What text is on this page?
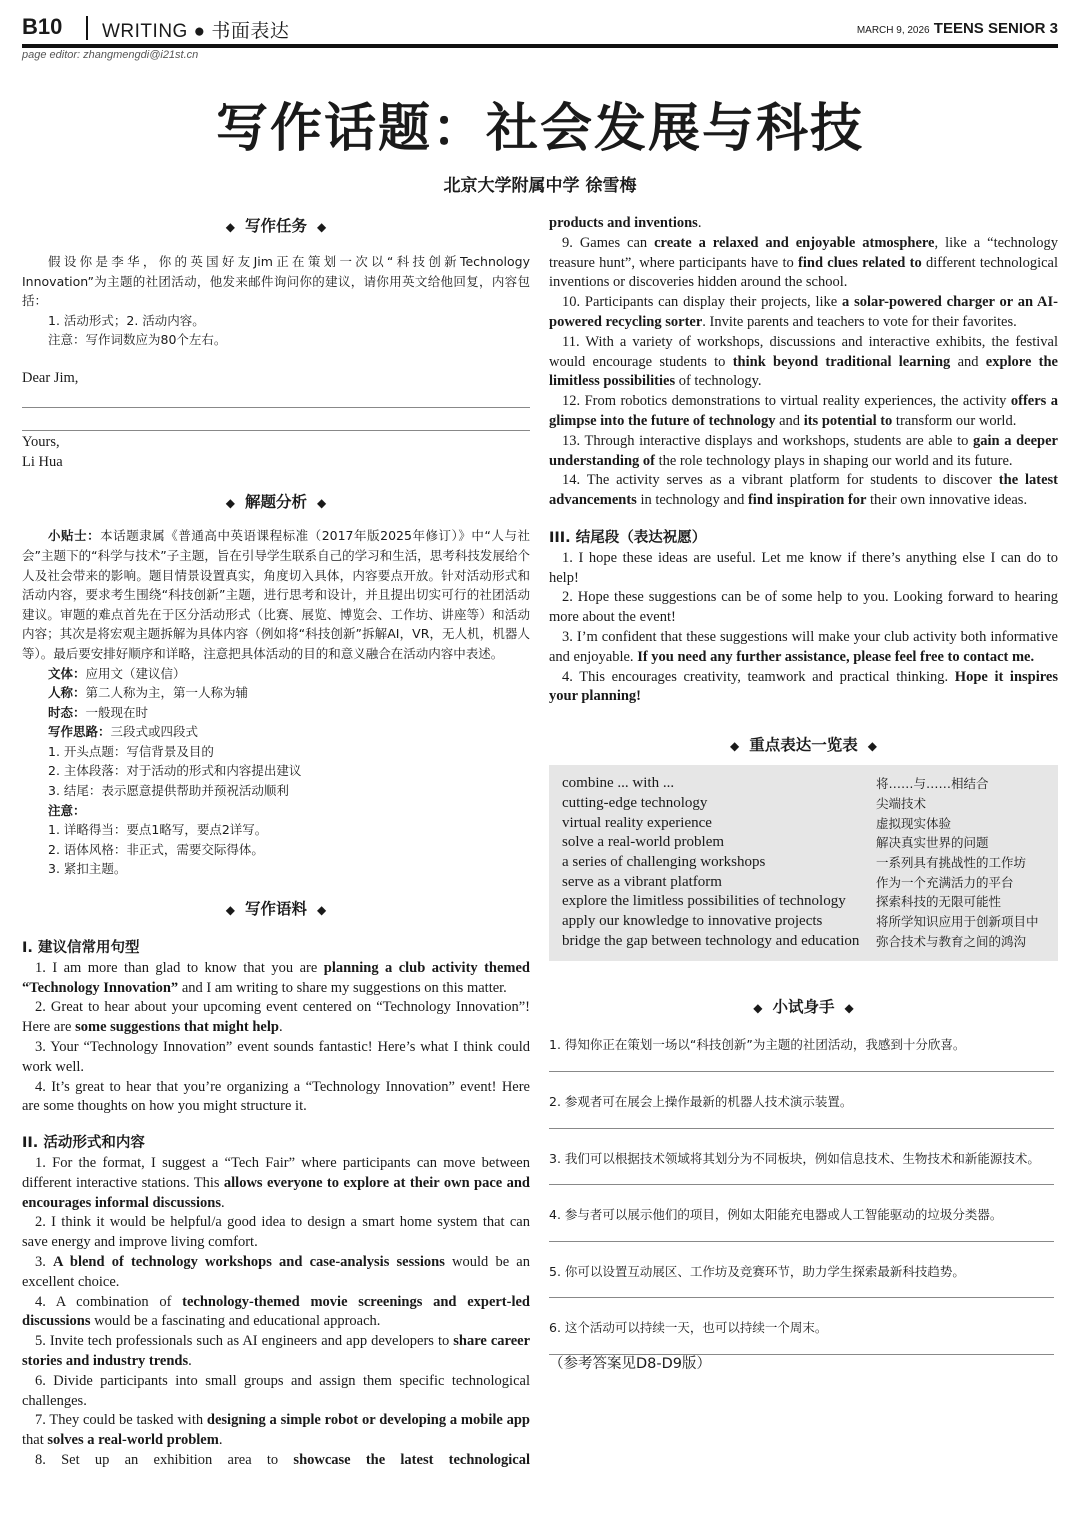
B10 WRITING ● 书面表达	MARCH 9, 2026 TEENS SENIOR 3
page editor: zhangmengdi@i21st.cn
写作话题：社会发展与科技
北京大学附属中学 徐雪梅
◆ 写作任务 ◆

假设你是李华，你的英国好友Jim正在策划一次以“科技创新Technology Innovation”为主题的社团活动，他发来邮件询问你的建议，请你用英文给他回复，内容包括：

1. 活动形式；2. 活动内容。

注意：写作词数应为80个左右。

Dear Jim,

Yours,

Li Hua

◆ 解题分析 ◆

小贴士：本话题隶属《普通高中英语课程标准（2017年版2025年修订）》中“人与社会”主题下的“科学与技术”子主题，旨在引导学生联系自己的学习和生活，思考科技发展给个人及社会带来的影响。题目情景设置真实，角度切入具体，内容要点开放。针对活动形式和活动内容，要求考生围绕“科技创新”主题，进行思考和设计，并且提出切实可行的社团活动建议。审题的难点首先在于区分活动形式（比赛、展览、博览会、工作坊、讲座等）和活动内容；其次是将宏观主题拆解为具体内容（例如将“科技创新”拆解AI，VR，无人机，机器人等）。最后要安排好顺序和详略，注意把具体活动的目的和意义融合在活动内容中表述。

文体：应用文（建议信）

人称：第二人称为主，第一人称为辅

时态：一般现在时

写作思路：三段式或四段式

1. 开头点题：写信背景及目的

2. 主体段落：对于活动的形式和内容提出建议

3. 结尾：表示愿意提供帮助并预祝活动顺利

注意：

1. 详略得当：要点1略写，要点2详写。

2. 语体风格：非正式，需要交际得体。

3. 紧扣主题。

◆ 写作语料 ◆

I. 建议信常用句型

1. I am more than glad to know that you are planning a club activity themed “Technology Innovation” and I am writing to share my suggestions on this matter.

2. Great to hear about your upcoming event centered on “Technology Innovation”! Here are some suggestions that might help.

3. Your “Technology Innovation” event sounds fantastic! Here’s what I think could work well.

4. It’s great to hear that you’re organizing a “Technology Innovation” event! Here are some thoughts on how you might structure it.

II. 活动形式和内容

1. For the format, I suggest a “Tech Fair” where participants can move between different interactive stations. This allows everyone to explore at their own pace and encourages informal discussions.

2. I think it would be helpful/a good idea to design a smart home system that can save energy and improve living comfort.

3. A blend of technology workshops and case-analysis sessions would be an excellent choice.

4. A combination of technology-themed movie screenings and expert-led discussions would be a fascinating and educational approach.

5. Invite tech professionals such as AI engineers and app developers to share career stories and industry trends.

6. Divide participants into small groups and assign them specific technological challenges.

7. They could be tasked with designing a simple robot or developing a mobile app that solves a real-world problem.

8. Set up an exhibition area to showcase the latest technological

products and inventions.

9. Games can create a relaxed and enjoyable atmosphere, like a “technology treasure hunt”, where participants have to find clues related to different technological inventions or discoveries hidden around the school.

10. Participants can display their projects, like a solar-powered charger or an AI-powered recycling sorter. Invite parents and teachers to vote for their favorites.

11. With a variety of workshops, discussions and interactive exhibits, the festival would encourage students to think beyond traditional learning and explore the limitless possibilities of technology.

12. From robotics demonstrations to virtual reality experiences, the activity offers a glimpse into the future of technology and its potential to transform our world.

13. Through interactive displays and workshops, students are able to gain a deeper understanding of the role technology plays in shaping our world and its future.

14. The activity serves as a vibrant platform for students to discover the latest advancements in technology and find inspiration for their own innovative ideas.

III. 结尾段（表达祝愿）

1. I hope these ideas are useful. Let me know if there’s anything else I can do to help!

2. Hope these suggestions can be of some help to you. Looking forward to hearing more about the event!

3. I’m confident that these suggestions will make your club activity both informative and enjoyable. If you need any further assistance, please feel free to contact me.

4. This encourages creativity, teamwork and practical thinking. Hope it inspires your planning!

◆ 重点表达一览表 ◆
combine ... with ...	将……与……相结合
cutting-edge technology	尖端技术
virtual reality experience	虚拟现实体验
solve a real-world problem	解决真实世界的问题
a series of challenging workshops	一系列具有挑战性的工作坊
serve as a vibrant platform	作为一个充满活力的平台
explore the limitless possibilities of technology	探索科技的无限可能性
apply our knowledge to innovative projects	将所学知识应用于创新项目中
bridge the gap between technology and education	弥合技术与教育之间的鸿沟
◆ 小试身手 ◆

1. 得知你正在策划一场以“科技创新”为主题的社团活动，我感到十分欣喜。

2. 参观者可在展会上操作最新的机器人技术演示装置。

3. 我们可以根据技术领域将其划分为不同板块，例如信息技术、生物技术和新能源技术。

4. 参与者可以展示他们的项目，例如太阳能充电器或人工智能驱动的垃圾分类器。

5. 你可以设置互动展区、工作坊及竞赛环节，助力学生探索最新科技趋势。

6. 这个活动可以持续一天，也可以持续一个周末。

（参考答案见D8-D9版）
